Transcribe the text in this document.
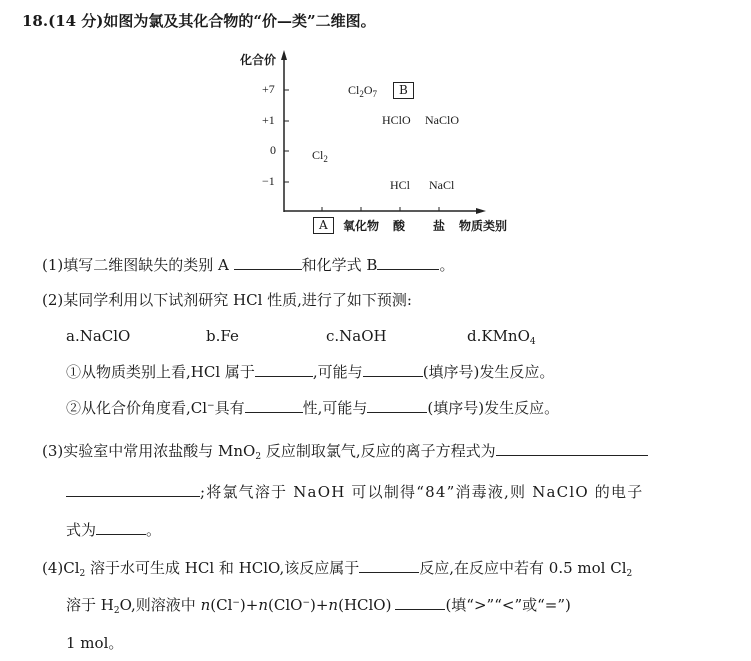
18.(14 分)如图为氯及其化合物的“价—类”二维图。
化合价
+7
+1
0
−1
$Cl_2O_7$	B
HClO NaClO
$Cl_2$
HCl NaCl
A	氧化物 酸 盐 物质类别
(1)填写二维图缺失的类别 A	和化学式 B	。
(2)某同学利用以下试剂研究 HCl 性质,进行了如下预测:
a.NaClO	b.Fe	c.NaOH	d.KMnO$_4$
①从物质类别上看,HCl 属于	,可能与	(填序号)发生反应。
②从化合价角度看,Cl−具有	性,可能与	(填序号)发生反应。
(3)实验室中常用浓盐酸与 MnO$_2$ 反应制取氯气,反应的离子方程式为
;将氯气溶于 NaOH 可以制得“84”消毒液,则 NaClO 的电子
式为	。
$(4)Cl_2$ 溶于水可生成 HCl 和 HClO,该反应属于	反应,在反应中若有 0.5 mol $Cl_2$
溶于 $H_2O$,则溶液中 n(Cl−)+n(ClO−)+n(HClO)	(填“>”“<”或“=”)
1 mol。
